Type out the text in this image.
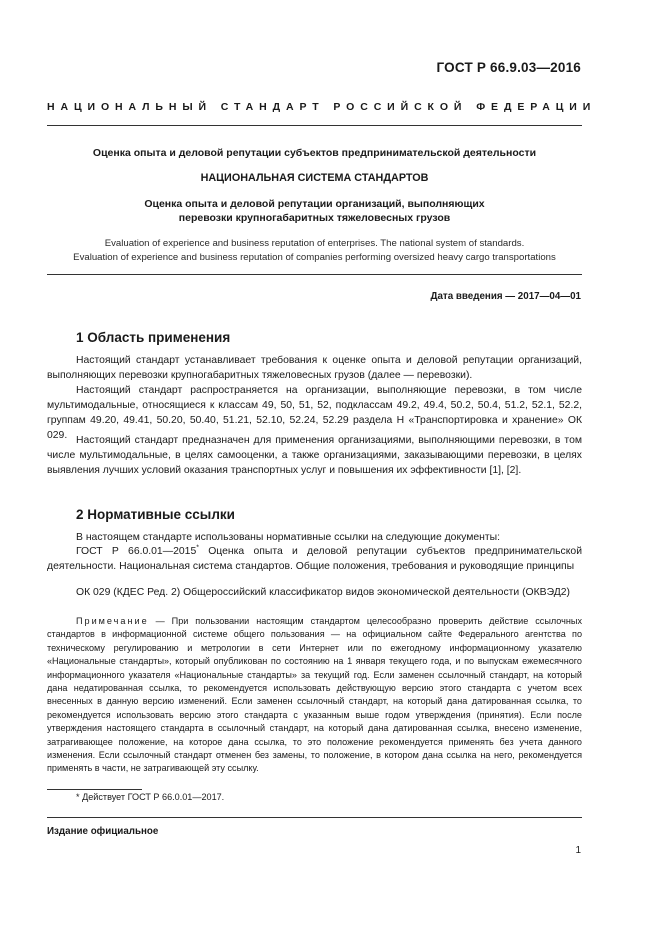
ГОСТ Р 66.9.03—2016
НАЦИОНАЛЬНЫЙ СТАНДАРТ РОССИЙСКОЙ ФЕДЕРАЦИИ
Оценка опыта и деловой репутации субъектов предпринимательской деятельности
НАЦИОНАЛЬНАЯ СИСТЕМА СТАНДАРТОВ
Оценка опыта и деловой репутации организаций, выполняющих
перевозки крупногабаритных тяжеловесных грузов
Evaluation of experience and business reputation of enterprises. The national system of standards.
Evaluation of experience and business reputation of companies performing oversized heavy cargo transportations
Дата введения — 2017—04—01
1 Область применения

Настоящий стандарт устанавливает требования к оценке опыта и деловой репутации организаций, выполняющих перевозки крупногабаритных тяжеловесных грузов (далее — перевозки).

Настоящий стандарт распространяется на организации, выполняющие перевозки, в том числе мультимодальные, относящиеся к классам 49, 50, 51, 52, подклассам 49.2, 49.4, 50.2, 50.4, 51.2, 52.1, 52.2, группам 49.20, 49.41, 50.20, 50.40, 51.21, 52.10, 52.24, 52.29 раздела Н «Транспортировка и хранение» ОК 029. Настоящий стандарт предназначен для применения организациями, выполняющими перевозки, в том числе мультимодальные, в целях самооценки, а также организациями, заказывающими перевозки, в целях выявления лучших условий оказания транспортных услуг и повышения их эффективности [1], [2].

2 Нормативные ссылки

В настоящем стандарте использованы нормативные ссылки на следующие документы:

ГОСТ Р 66.0.01—2015* Оценка опыта и деловой репутации субъектов предпринимательской деятельности. Национальная система стандартов. Общие положения, требования и руководящие принципы

ОК 029 (КДЕС Ред. 2) Общероссийский классификатор видов экономической деятельности (ОКВЭД2)

Примечание — При пользовании настоящим стандартом целесообразно проверить действие ссылочных стандартов в информационной системе общего пользования — на официальном сайте Федерального агентства по техническому регулированию и метрологии в сети Интернет или по ежегодному информационному указателю «Национальные стандарты», который опубликован по состоянию на 1 января текущего года, и по выпускам ежемесячного информационного указателя «Национальные стандарты» за текущий год. Если заменен ссылочный стандарт, на который дана недатированная ссылка, то рекомендуется использовать действующую версию этого стандарта с учетом всех внесенных в данную версию изменений. Если заменен ссылочный стандарт, на который дана датированная ссылка, то рекомендуется использовать версию этого стандарта с указанным выше годом утверждения (принятия). Если после утверждения настоящего стандарта в ссылочный стандарт, на который дана датированная ссылка, внесено изменение, затрагивающее положение, на которое дана ссылка, то это положение рекомендуется применять без учета данного изменения. Если ссылочный стандарт отменен без замены, то положение, в котором дана ссылка на него, рекомендуется применять в части, не затрагивающей эту ссылку.

* Действует ГОСТ Р 66.0.01—2017.
Издание официальное
1
